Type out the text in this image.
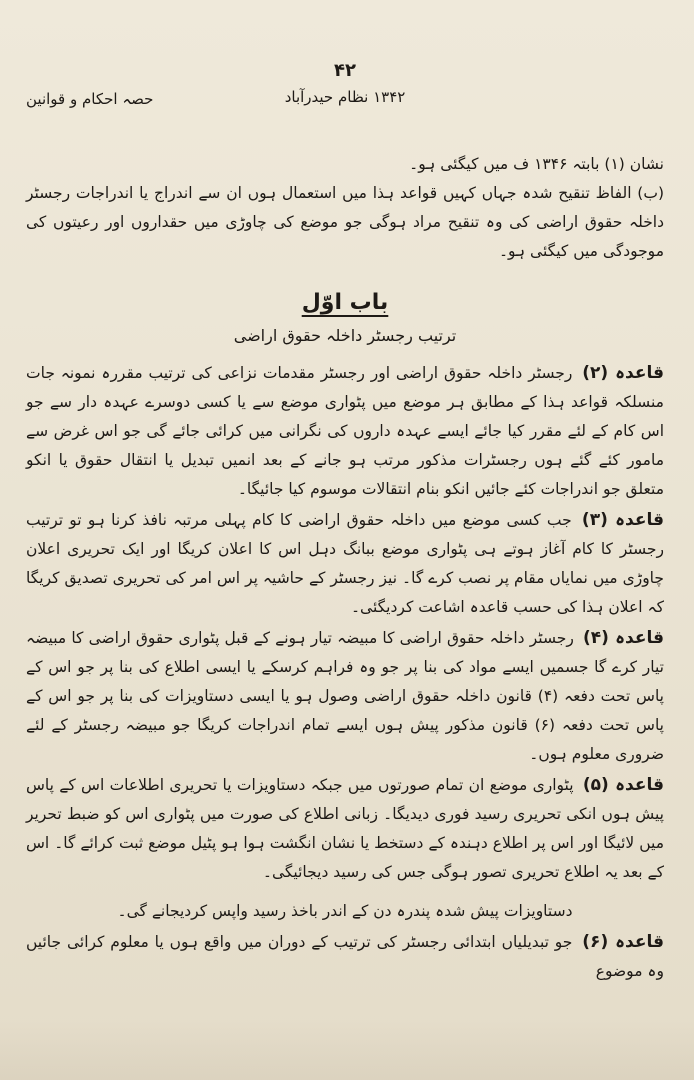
۴۲
۱۳۴۲ نظام حیدرآباد
حصہ احکام و قوانین

نشان (۱) بابتہ ۱۳۴۶ ف میں کیگئی ہو۔

(ب) الفاظ تنقیح شدہ جہاں کہیں قواعد ہذا میں استعمال ہوں ان سے اندراج یا اندراجات رجسٹر داخلہ حقوق اراضی کی وہ تنقیح مراد ہوگی جو موضع کی چاوڑی میں حقداروں اور رعیتوں کی موجودگی میں کیگئی ہو۔

باب اوّل
ترتیب رجسٹر داخلہ حقوق اراضی

قاعدہ (۲) رجسٹر داخلہ حقوق اراضی اور رجسٹر مقدمات نزاعی کی ترتیب مقررہ نمونہ جات منسلکہ قواعد ہذا کے مطابق ہر موضع میں پٹواری موضع سے یا کسی دوسرے عہدہ دار سے جو اس کام کے لئے مقرر کیا جائے ایسے عہدہ داروں کی نگرانی میں کرائی جائے گی جو اس غرض سے مامور کئے گئے ہوں رجسٹرات مذکور مرتب ہو جانے کے بعد انمیں تبدیل یا انتقال حقوق یا انکو متعلق جو اندراجات کئے جائیں انکو بنام انتقالات موسوم کیا جائیگا۔

قاعدہ (۳) جب کسی موضع میں داخلہ حقوق اراضی کا کام پہلی مرتبہ نافذ کرنا ہو تو ترتیب رجسٹر کا کام آغاز ہوتے ہی پٹواری موضع ببانگ دہل اس کا اعلان کریگا اور ایک تحریری اعلان چاوڑی میں نمایاں مقام پر نصب کرے گا۔ نیز رجسٹر کے حاشیہ پر اس امر کی تحریری تصدیق کریگا کہ اعلان ہذا کی حسب قاعدہ اشاعت کردیگئی۔

قاعدہ (۴) رجسٹر داخلہ حقوق اراضی کا مبیضہ تیار ہونے کے قبل پٹواری حقوق اراضی کا مبیضہ تیار کرے گا جسمیں ایسے مواد کی بنا پر جو وہ فراہم کرسکے یا ایسی اطلاع کی بنا پر جو اس کے پاس تحت دفعہ (۴) قانون داخلہ حقوق اراضی وصول ہو یا ایسی دستاویزات کی بنا پر جو اس کے پاس تحت دفعہ (۶) قانون مذکور پیش ہوں ایسے تمام اندراجات کریگا جو مبیضہ رجسٹر کے لئے ضروری معلوم ہوں۔

قاعدہ (۵) پٹواری موضع ان تمام صورتوں میں جبکہ دستاویزات یا تحریری اطلاعات اس کے پاس پیش ہوں انکی تحریری رسید فوری دیدیگا۔ زبانی اطلاع کی صورت میں پٹواری اس کو ضبط تحریر میں لائیگا اور اس پر اطلاع دہندہ کے دستخط یا نشان انگشت ہوا ہو پٹیل موضع ثبت کرائے گا۔ اس کے بعد یہ اطلاع تحریری تصور ہوگی جس کی رسید دیجائیگی۔

دستاویزات پیش شدہ پندرہ دن کے اندر باخذ رسید واپس کردیجانے گی۔

قاعدہ (۶) جو تبدیلیاں ابتدائی رجسٹر کی ترتیب کے دوران میں واقع ہوں یا معلوم کرائی جائیں وہ موضوع
